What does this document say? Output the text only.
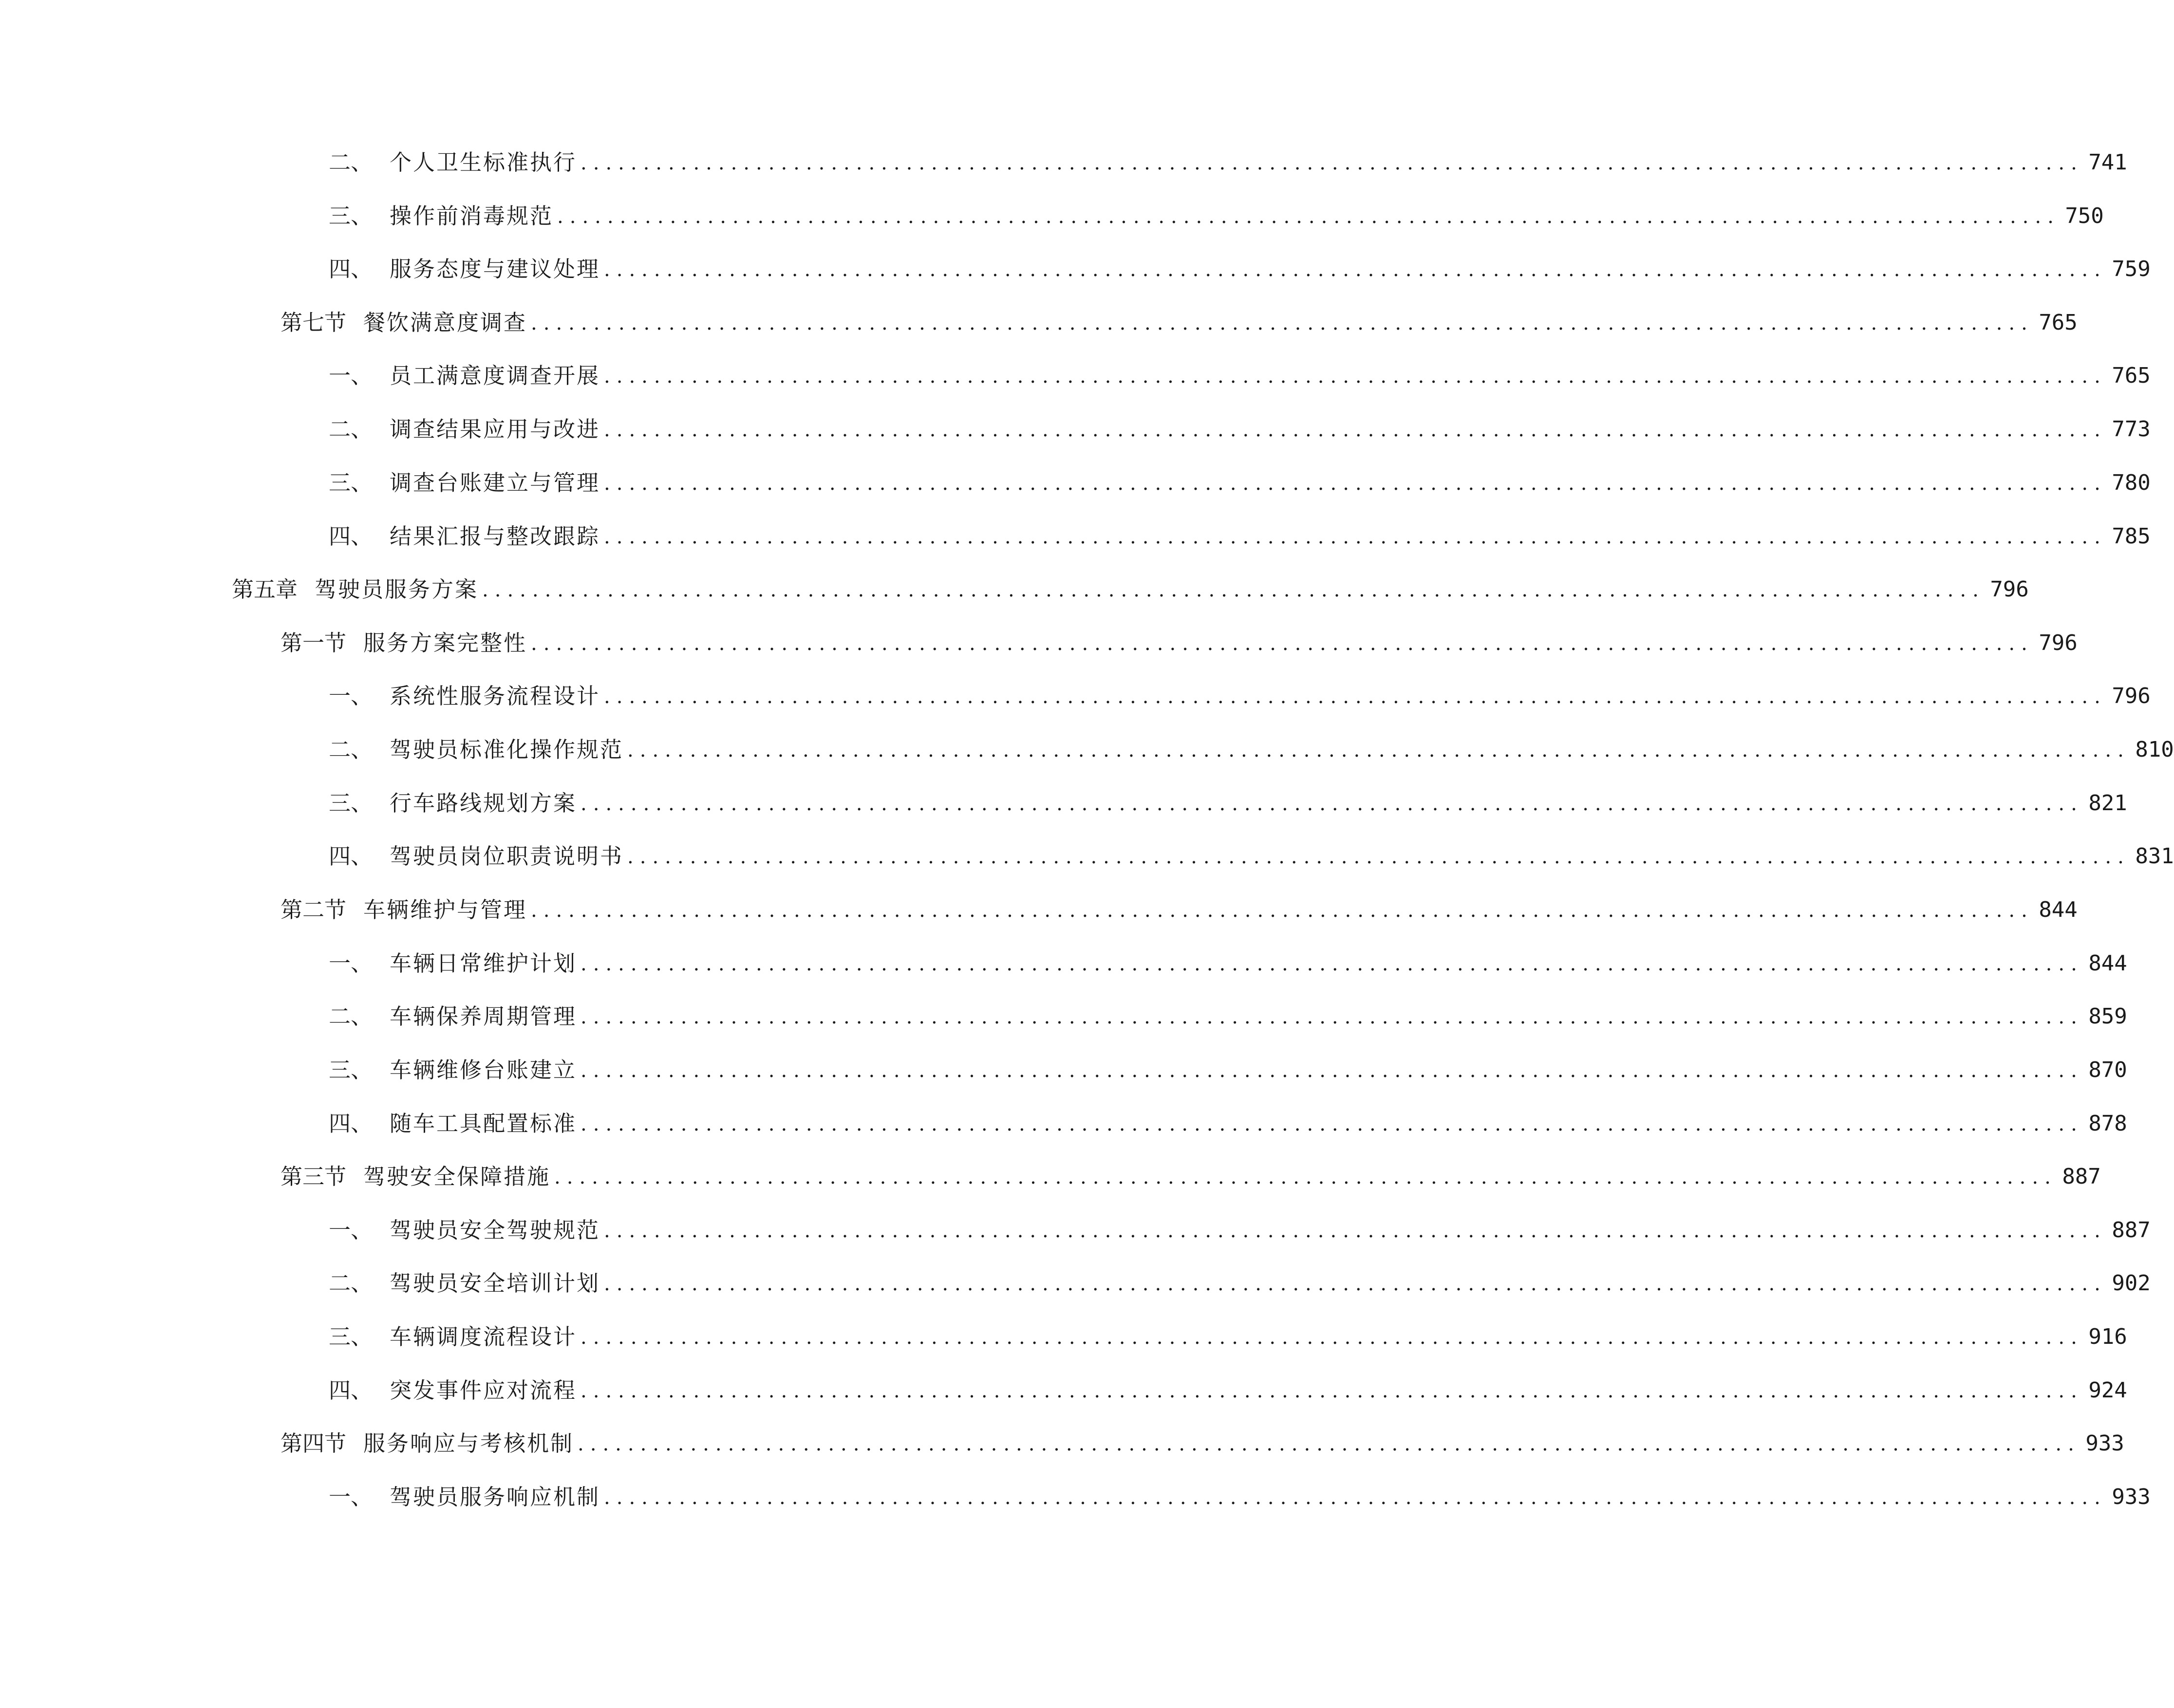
二、 个人卫生标准执行 ........................................................................................................................ 741
三、 操作前消毒规范 ........................................................................................................................ 750
四、 服务态度与建议处理 ........................................................................................................................ 759
第七节 餐饮满意度调查 ........................................................................................................................ 765
一、 员工满意度调查开展 ........................................................................................................................ 765
二、 调查结果应用与改进 ........................................................................................................................ 773
三、 调查台账建立与管理 ........................................................................................................................ 780
四、 结果汇报与整改跟踪 ........................................................................................................................ 785
第五章 驾驶员服务方案 ........................................................................................................................ 796
第一节 服务方案完整性 ........................................................................................................................ 796
一、 系统性服务流程设计 ........................................................................................................................ 796
二、 驾驶员标准化操作规范 ........................................................................................................................ 810
三、 行车路线规划方案 ........................................................................................................................ 821
四、 驾驶员岗位职责说明书 ........................................................................................................................ 831
第二节 车辆维护与管理 ........................................................................................................................ 844
一、 车辆日常维护计划 ........................................................................................................................ 844
二、 车辆保养周期管理 ........................................................................................................................ 859
三、 车辆维修台账建立 ........................................................................................................................ 870
四、 随车工具配置标准 ........................................................................................................................ 878
第三节 驾驶安全保障措施 ........................................................................................................................ 887
一、 驾驶员安全驾驶规范 ........................................................................................................................ 887
二、 驾驶员安全培训计划 ........................................................................................................................ 902
三、 车辆调度流程设计 ........................................................................................................................ 916
四、 突发事件应对流程 ........................................................................................................................ 924
第四节 服务响应与考核机制 ........................................................................................................................ 933
一、 驾驶员服务响应机制 ........................................................................................................................ 933
